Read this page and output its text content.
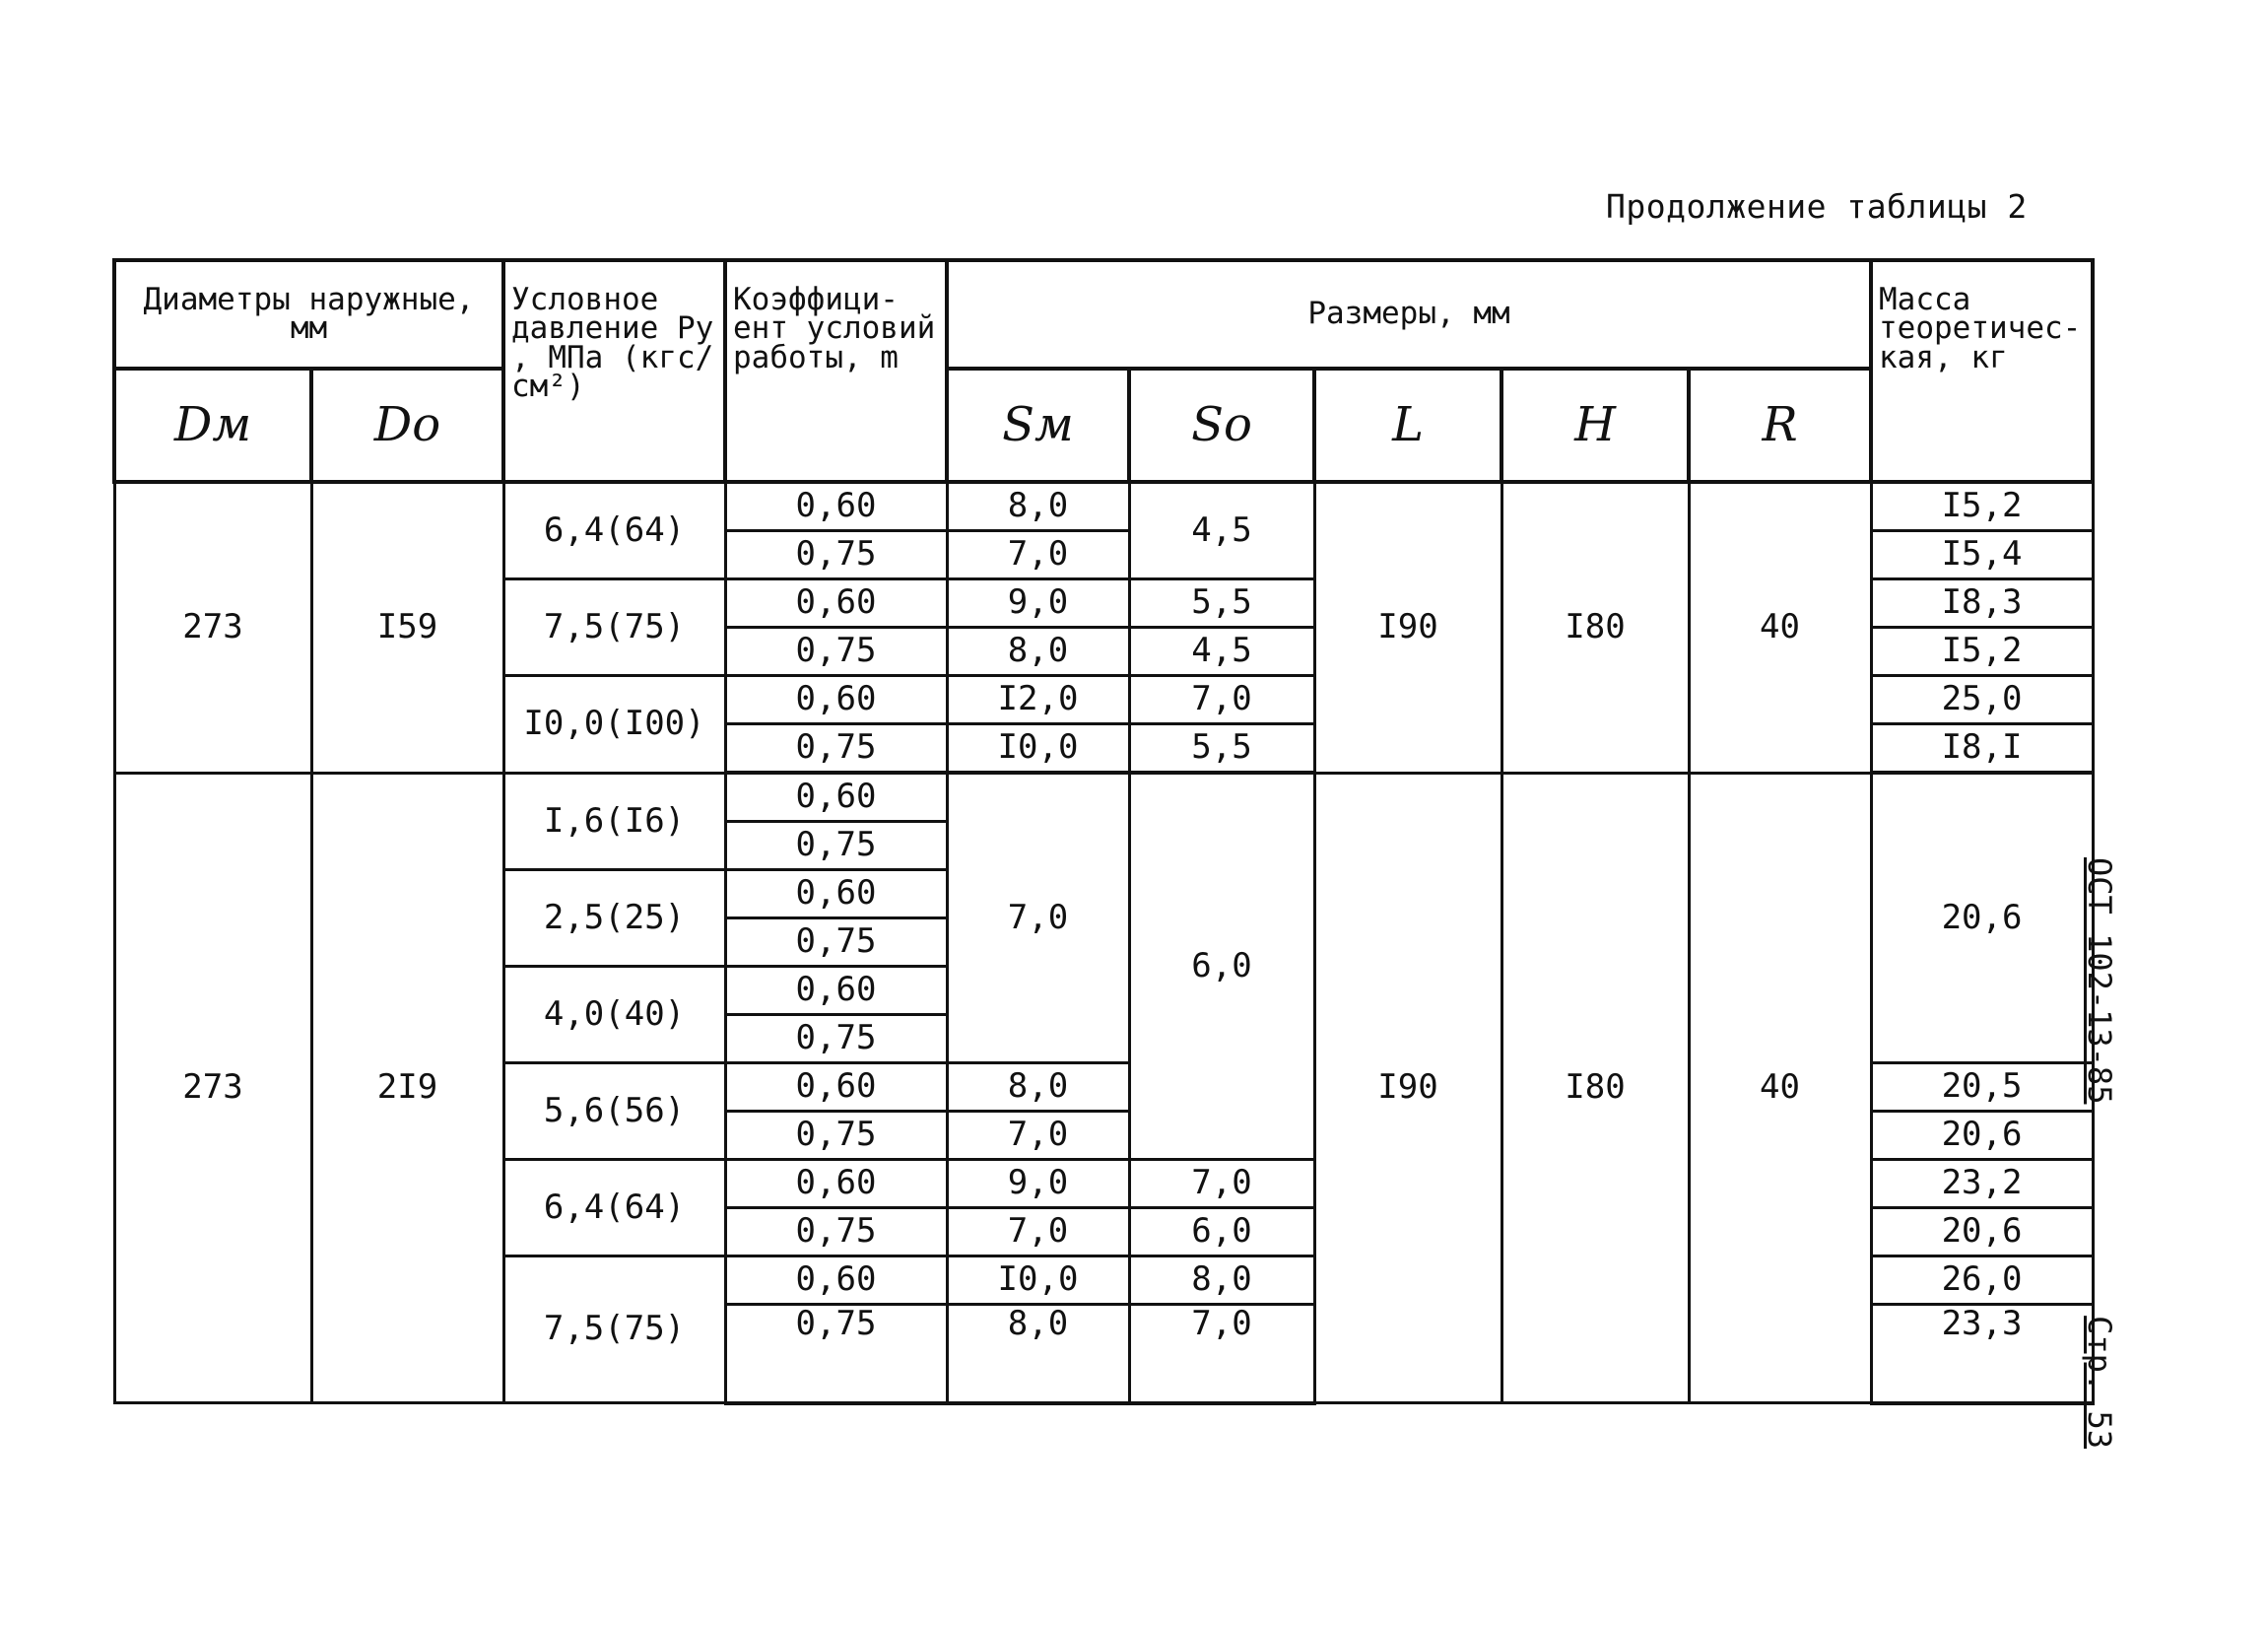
Продолжение таблицы 2
ОСТ 102-13-85
Стр. 53
Диаметры наружные, мм		Условное давление Pу , МПа (кгс/см²)	Коэффици-ент условий работы, m	Размеры, мм					Масса теоретичес-кая, кг
Dм	Dо			Sм	Sо	L	H	R	
273	I59	6,4(64)	0,60	8,0	4,5	I90	I80	40	I5,2
			0,75	7,0					I5,4
		7,5(75)	0,60	9,0	5,5				I8,3
			0,75	8,0	4,5				I5,2
		I0,0(I00)	0,60	I2,0	7,0				25,0
			0,75	I0,0	5,5				I8,I
273	2I9	I,6(I6)	0,60	7,0	6,0	I90	I80	40	20,6
			0,75						
		2,5(25)	0,60						
			0,75						
		4,0(40)	0,60						
			0,75						
		5,6(56)	0,60	8,0					20,5
			0,75	7,0					20,6
		6,4(64)	0,60	9,0	7,0				23,2
			0,75	7,0	6,0				20,6
		7,5(75)	0,60	I0,0	8,0				26,0
			0,75	8,0	7,0				23,3
